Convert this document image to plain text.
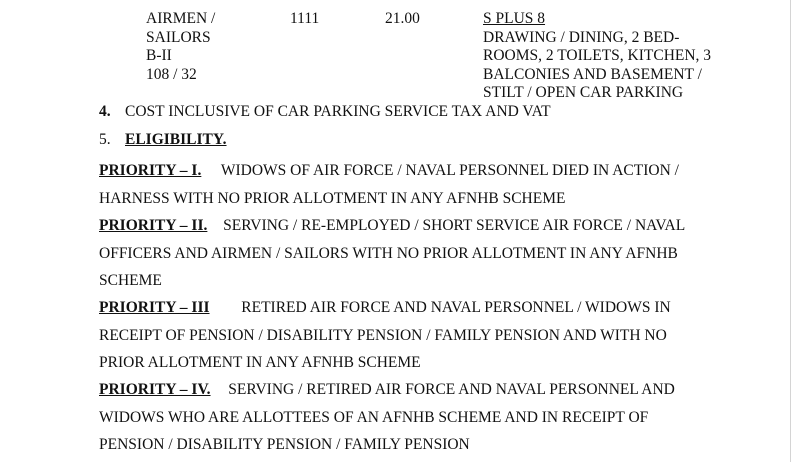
AIRMEN /
SAILORS
B-II
108 / 32
1111	21.00	S PLUS 8
DRAWING / DINING, 2 BED-
ROOMS, 2 TOILETS, KITCHEN, 3
BALCONIES AND BASEMENT /
STILT / OPEN CAR PARKING
4. COST INCLUSIVE OF CAR PARKING SERVICE TAX AND VAT
5. ELIGIBILITY.
PRIORITY – I. WIDOWS OF AIR FORCE / NAVAL PERSONNEL DIED IN ACTION /
HARNESS WITH NO PRIOR ALLOTMENT IN ANY AFNHB SCHEME
PRIORITY – II. SERVING / RE-EMPLOYED / SHORT SERVICE AIR FORCE / NAVAL
OFFICERS AND AIRMEN / SAILORS WITH NO PRIOR ALLOTMENT IN ANY AFNHB
SCHEME
PRIORITY – III RETIRED AIR FORCE AND NAVAL PERSONNEL / WIDOWS IN
RECEIPT OF PENSION / DISABILITY PENSION / FAMILY PENSION AND WITH NO
PRIOR ALLOTMENT IN ANY AFNHB SCHEME
PRIORITY – IV. SERVING / RETIRED AIR FORCE AND NAVAL PERSONNEL AND
WIDOWS WHO ARE ALLOTTEES OF AN AFNHB SCHEME AND IN RECEIPT OF
PENSION / DISABILITY PENSION / FAMILY PENSION
